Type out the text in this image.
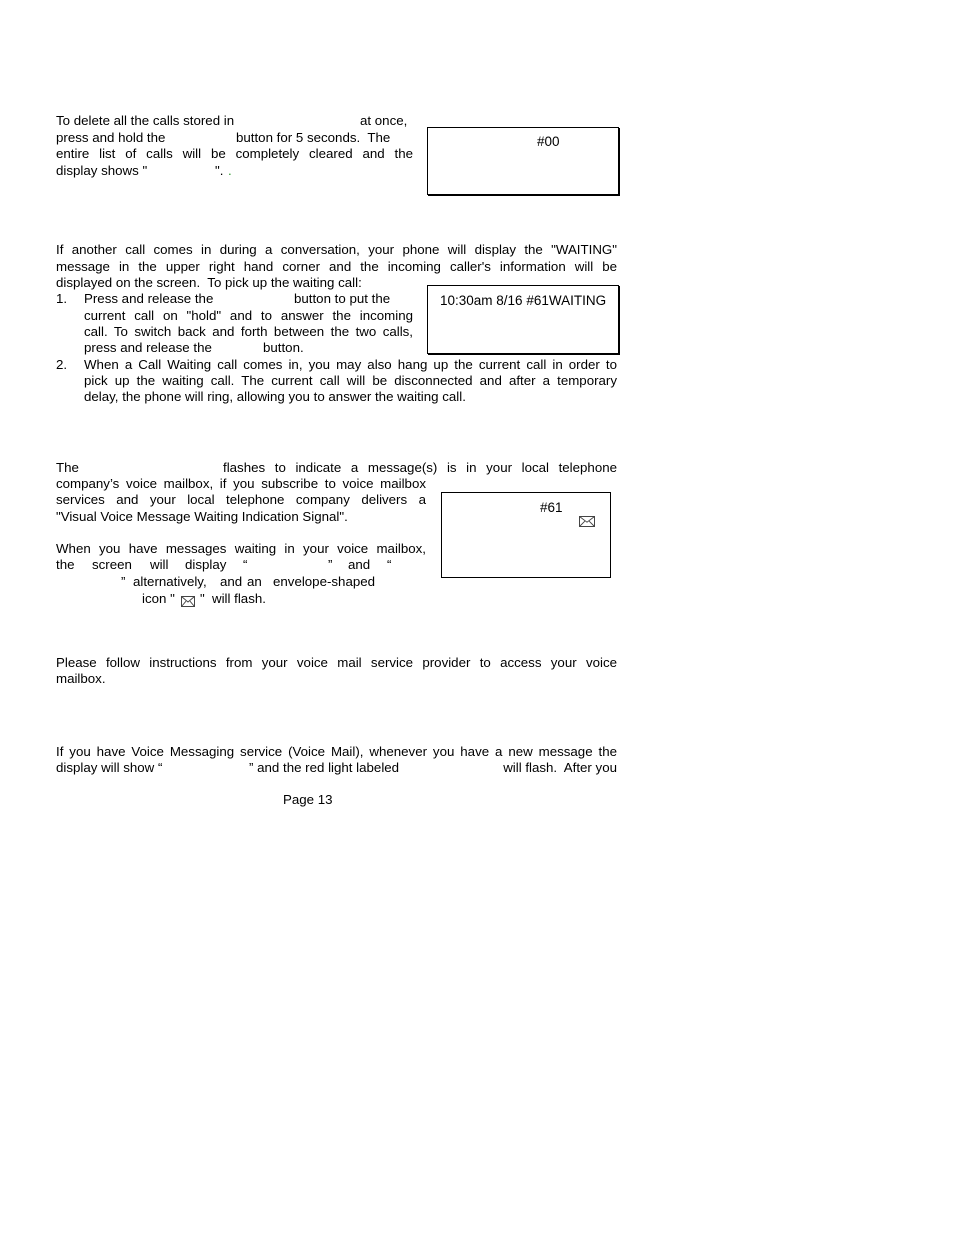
To delete all the calls stored in	at once,
press and hold the	button for 5 seconds.  The
entire list of calls will be completely cleared and the
display shows "	". .
#00
If another call comes in during a conversation, your phone will display the "WAITING"
message in the upper right hand corner and the incoming caller's information will be
displayed on the screen.  To pick up the waiting call:
1. Press and release the	button to put the
current call on "hold" and to answer the incoming
call. To switch back and forth between the two calls,
press and release the	button.
10:30am 8/16 #61WAITING
2. When a Call Waiting call comes in, you may also hang up the current call in order to
pick up the waiting call. The current call will be disconnected and after a temporary
delay, the phone will ring, allowing you to answer the waiting call.
The	flashes to indicate a message(s) is in your local telephone
company’s voice mailbox, if you subscribe to voice mailbox
services and your local telephone company delivers a
"Visual Voice Message Waiting Indication Signal".
When you have messages waiting in your voice mailbox,
the screen will display “	” and “
” alternatively, and an envelope-shaped
icon " " will flash.
#61

Please follow instructions from your voice mail service provider to access your voice
mailbox.
If you have Voice Messaging service (Voice Mail), whenever you have a new message the
display will show “	” and the red light labeled	will flash.  After you
Page 13
